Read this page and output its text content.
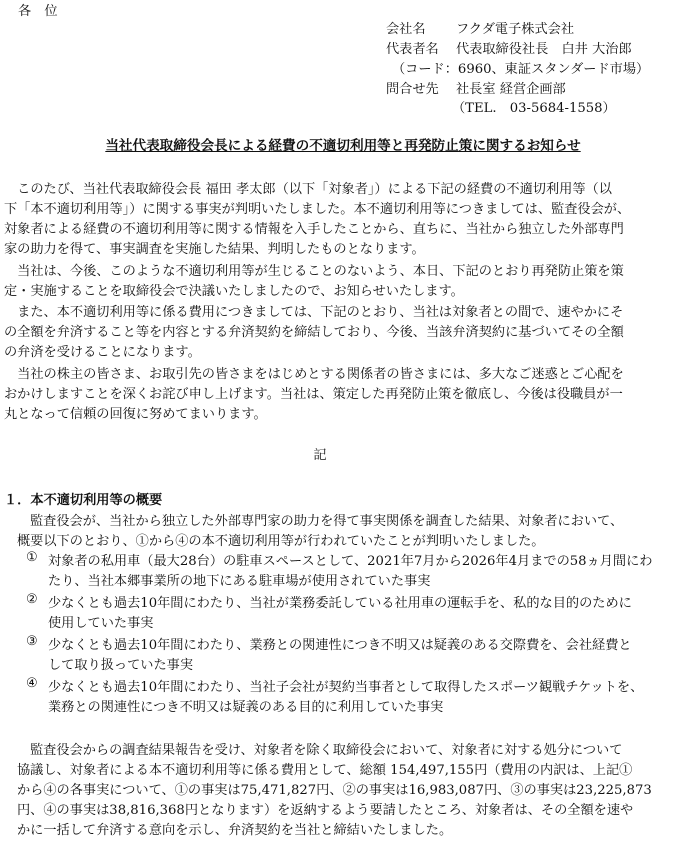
各　位
会社名 フクダ電子株式会社
代表者名 代表取締役社長　白井 大治郎
（コード：6960、東証スタンダード市場）
問合せ先 社長室 経営企画部
（TEL.　03-5684-1558）
当社代表取締役会長による経費の不適切利用等と再発防止策に関するお知らせ
　このたび、当社代表取締役会長 福田 孝太郎（以下「対象者」）による下記の経費の不適切利用等（以
下「本不適切利用等」）に関する事実が判明いたしました。本不適切利用等につきましては、監査役会が、
対象者による経費の不適切利用等に関する情報を入手したことから、直ちに、当社から独立した外部専門
家の助力を得て、事実調査を実施した結果、判明したものとなります。
　当社は、今後、このような不適切利用等が生じることのないよう、本日、下記のとおり再発防止策を策
定・実施することを取締役会で決議いたしましたので、お知らせいたします。
　また、本不適切利用等に係る費用につきましては、下記のとおり、当社は対象者との間で、速やかにそ
の全額を弁済すること等を内容とする弁済契約を締結しており、今後、当該弁済契約に基づいてその全額
の弁済を受けることになります。
　当社の株主の皆さま、お取引先の皆さまをはじめとする関係者の皆さまには、多大なご迷惑とご心配を
おかけしますことを深くお詫び申し上げます。当社は、策定した再発防止策を徹底し、今後は役職員が一
丸となって信頼の回復に努めてまいります。
記
１．本不適切利用等の概要
監査役会が、当社から独立した外部専門家の助力を得て事実関係を調査した結果、対象者において、
概要以下のとおり、①から④の本不適切利用等が行われていたことが判明いたしました。
① 対象者の私用車（最大28台）の駐車スペースとして、2021年7月から2026年4月までの58ヵ月間にわ
たり、当社本郷事業所の地下にある駐車場が使用されていた事実
② 少なくとも過去10年間にわたり、当社が業務委託している社用車の運転手を、私的な目的のために
使用していた事実
③ 少なくとも過去10年間にわたり、業務との関連性につき不明又は疑義のある交際費を、会社経費と
して取り扱っていた事実
④ 少なくとも過去10年間にわたり、当社子会社が契約当事者として取得したスポーツ観戦チケットを、
業務との関連性につき不明又は疑義のある目的に利用していた事実
監査役会からの調査結果報告を受け、対象者を除く取締役会において、対象者に対する処分について
協議し、対象者による本不適切利用等に係る費用として、総額 154,497,155円（費用の内訳は、上記①
から④の各事実について、①の事実は75,471,827円、②の事実は16,983,087円、③の事実は23,225,873
円、④の事実は38,816,368円となります）を返納するよう要請したところ、対象者は、その全額を速や
かに一括して弁済する意向を示し、弁済契約を当社と締結いたしました。
